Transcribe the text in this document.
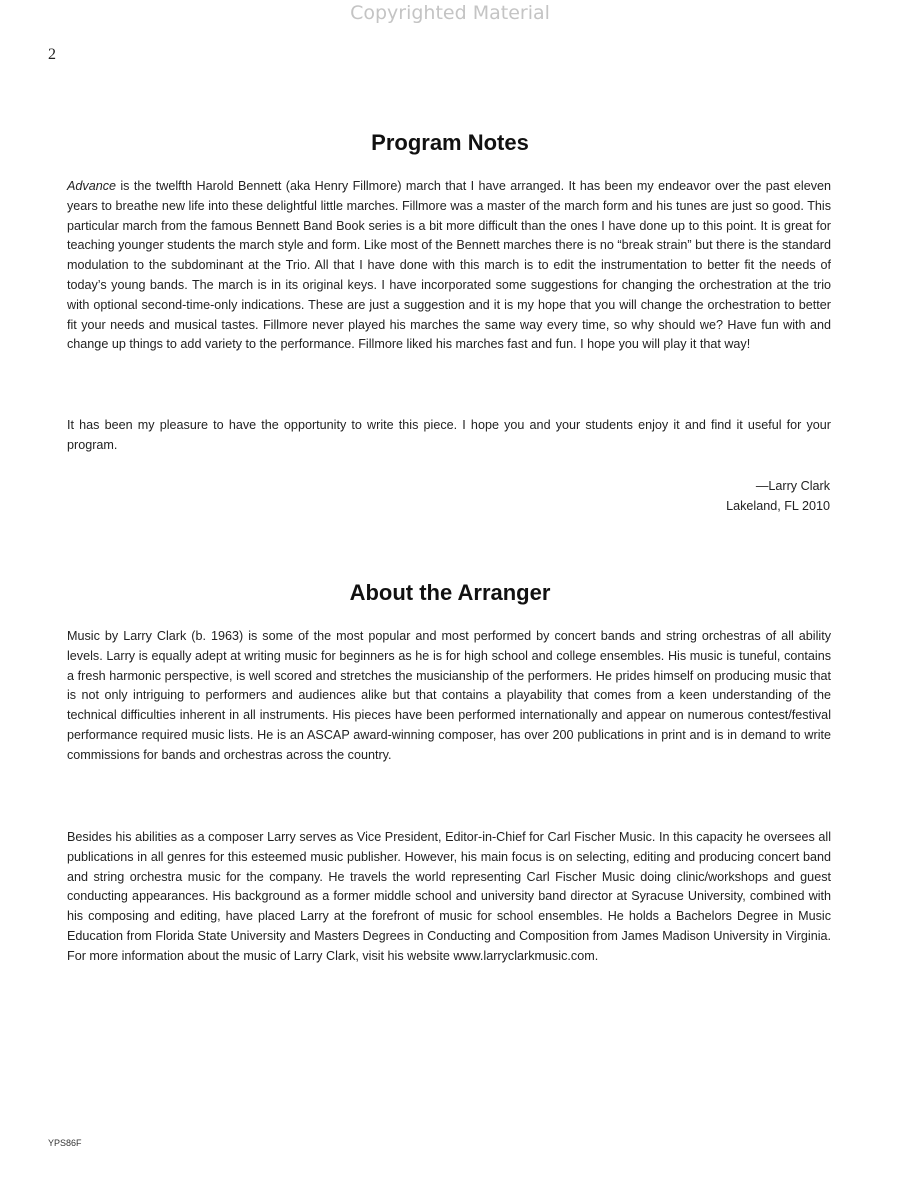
Copyrighted Material
2
Program Notes

Advance is the twelfth Harold Bennett (aka Henry Fillmore) march that I have arranged. It has been my endeavor over the past eleven years to breathe new life into these delightful little marches. Fillmore was a master of the march form and his tunes are just so good. This particular march from the famous Bennett Band Book series is a bit more difficult than the ones I have done up to this point. It is great for teaching younger students the march style and form. Like most of the Bennett marches there is no “break strain” but there is the standard modulation to the subdominant at the Trio. All that I have done with this march is to edit the instrumentation to better fit the needs of today’s young bands. The march is in its original keys. I have incorporated some suggestions for changing the orchestration at the trio with optional second-time-only indications. These are just a suggestion and it is my hope that you will change the orchestration to better fit your needs and musical tastes. Fillmore never played his marches the same way every time, so why should we? Have fun with and change up things to add variety to the performance. Fillmore liked his marches fast and fun. I hope you will play it that way!

It has been my pleasure to have the opportunity to write this piece. I hope you and your students enjoy it and find it useful for your program.

—Larry Clark
Lakeland, FL 2010
About the Arranger

Music by Larry Clark (b. 1963) is some of the most popular and most performed by concert bands and string orchestras of all ability levels. Larry is equally adept at writing music for beginners as he is for high school and college ensembles. His music is tuneful, contains a fresh harmonic perspective, is well scored and stretches the musicianship of the performers. He prides himself on producing music that is not only intriguing to performers and audiences alike but that contains a playability that comes from a keen understanding of the technical difficulties inherent in all instruments. His pieces have been performed internationally and appear on numerous contest/festival performance required music lists. He is an ASCAP award-winning composer, has over 200 publications in print and is in demand to write commissions for bands and orchestras across the country.

Besides his abilities as a composer Larry serves as Vice President, Editor-in-Chief for Carl Fischer Music. In this capacity he oversees all publications in all genres for this esteemed music publisher. However, his main focus is on selecting, editing and producing concert band and string orchestra music for the company. He travels the world representing Carl Fischer Music doing clinic/workshops and guest conducting appearances. His background as a former middle school and university band director at Syracuse University, combined with his composing and editing, have placed Larry at the forefront of music for school ensembles. He holds a Bachelors Degree in Music Education from Florida State University and Masters Degrees in Conducting and Composition from James Madison University in Virginia. For more information about the music of Larry Clark, visit his website www.larryclarkmusic.com.

YPS86F
